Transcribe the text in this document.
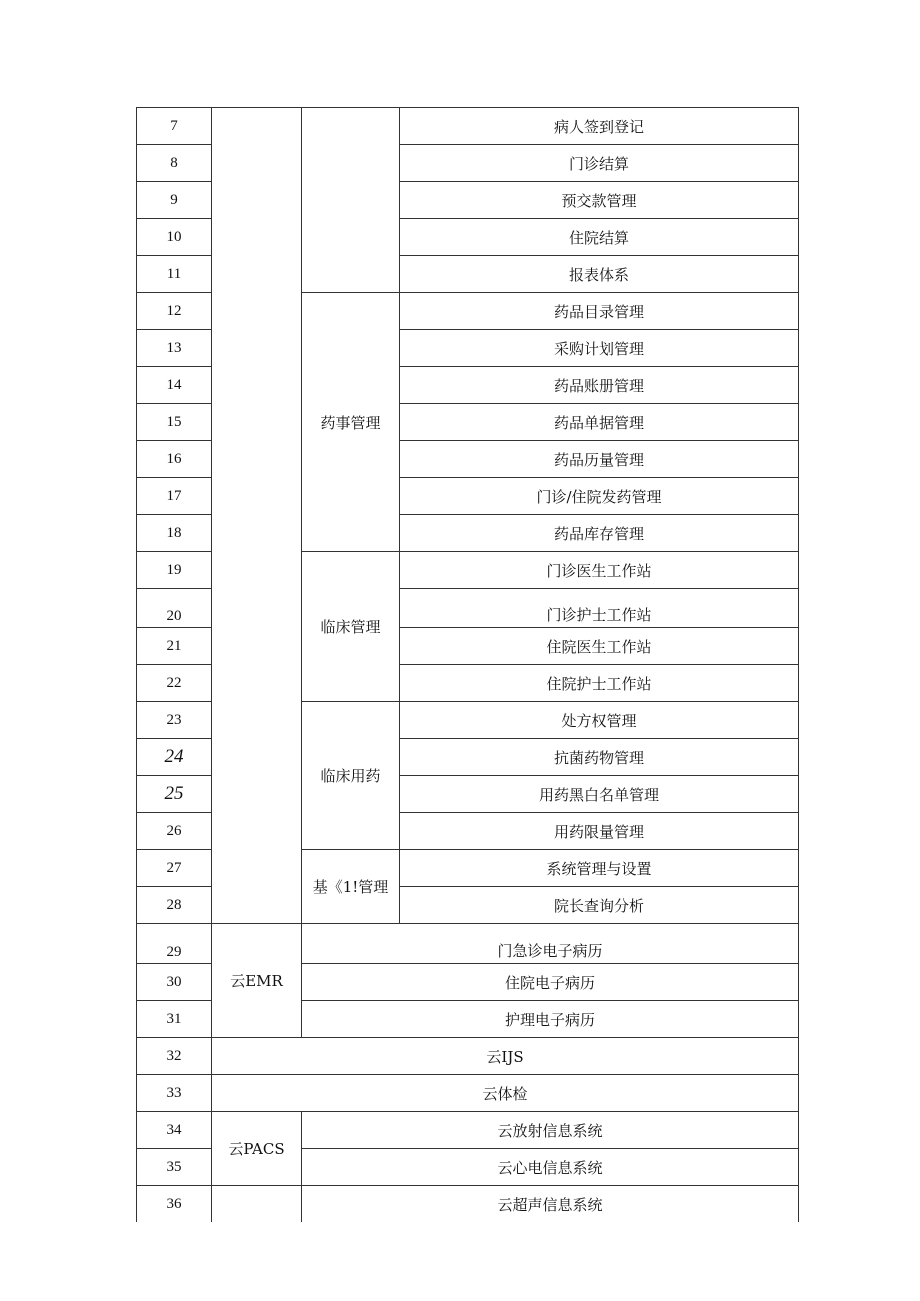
7			病人签到登记
8			门诊结算
9			预交款管理
10			住院结算
11			报表体系
12		药事管理	药品目录管理
13			采购计划管理
14			药品账册管理
15			药品单据管理
16			药品历量管理
17			门诊/住院发药管理
18			药品库存管理
19		临床管理	门诊医生工作站
20			门诊护士工作站
21			住院医生工作站
22			住院护士工作站
23		临床用药	处方权管理
24			抗菌药物管理
25			用药黑白名单管理
26			用药限量管理
27		基《1!管理	系统管理与设置
28			院长查询分析
29	云EMR	门急诊电子病历	
30		住院电子病历	
31		护理电子病历	
32	云IJS		
33	云体检		
34	云PACS	云放射信息系统	
35		云心电信息系统	
36		云超声信息系统	
